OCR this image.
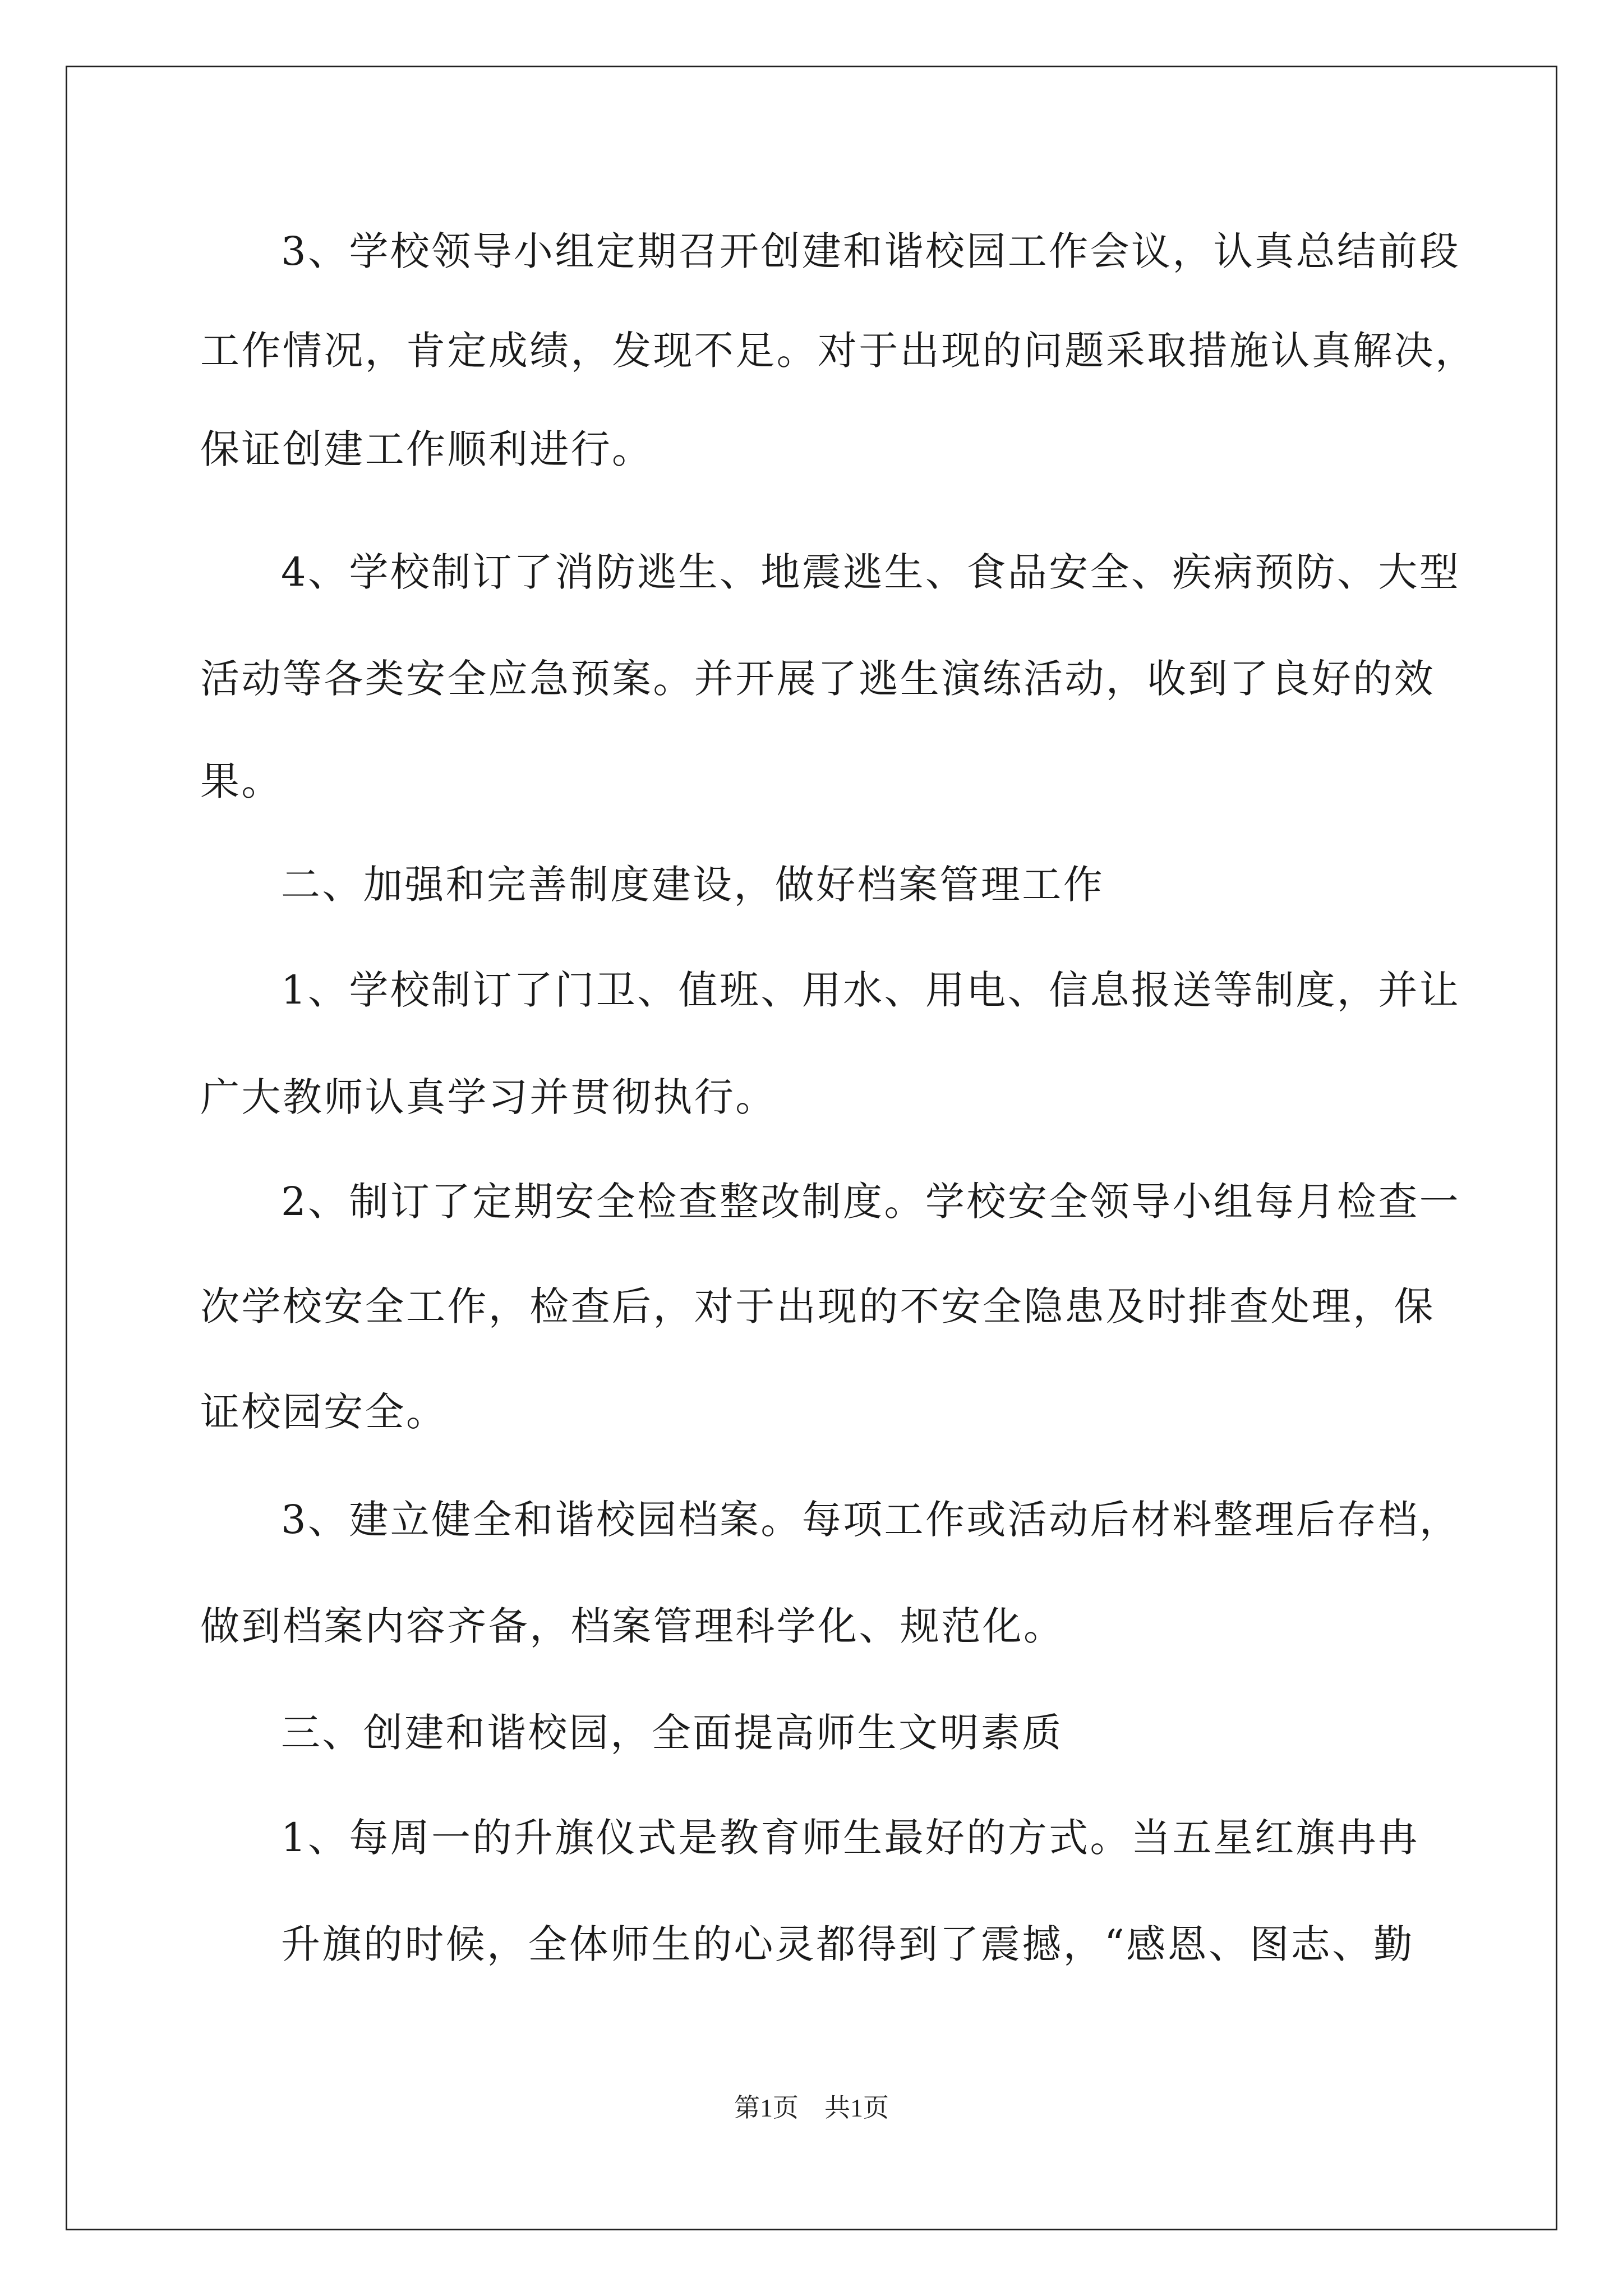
3、学校领导小组定期召开创建和谐校园工作会议，认真总结前段
工作情况，肯定成绩，发现不足。对于出现的问题采取措施认真解决，
保证创建工作顺利进行。
4、学校制订了消防逃生、地震逃生、食品安全、疾病预防、大型
活动等各类安全应急预案。并开展了逃生演练活动，收到了良好的效
果。
二、加强和完善制度建设，做好档案管理工作
1、学校制订了门卫、值班、用水、用电、信息报送等制度，并让
广大教师认真学习并贯彻执行。
2、制订了定期安全检查整改制度。学校安全领导小组每月检查一
次学校安全工作，检查后，对于出现的不安全隐患及时排查处理，保
证校园安全。
3、建立健全和谐校园档案。每项工作或活动后材料整理后存档，
做到档案内容齐备，档案管理科学化、规范化。
三、创建和谐校园，全面提高师生文明素质
1、每周一的升旗仪式是教育师生最好的方式。当五星红旗冉冉
升旗的时候，全体师生的心灵都得到了震撼，“感恩、图志、勤
第1页　共1页
